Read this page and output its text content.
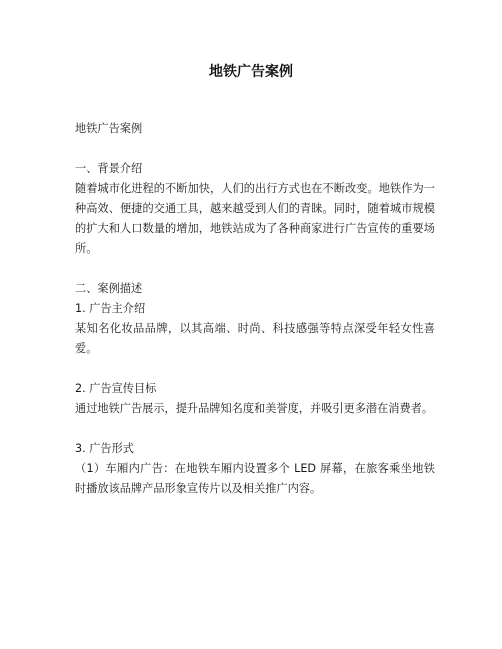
地铁广告案例
地铁广告案例
一、背景介绍
随着城市化进程的不断加快，人们的出行方式也在不断改变。地铁作为一种高效、便捷的交通工具，越来越受到人们的青睐。同时，随着城市规模的扩大和人口数量的增加，地铁站成为了各种商家进行广告宣传的重要场所。
二、案例描述
1. 广告主介绍
某知名化妆品品牌，以其高端、时尚、科技感强等特点深受年轻女性喜爱。
2. 广告宣传目标
通过地铁广告展示，提升品牌知名度和美誉度，并吸引更多潜在消费者。
3. 广告形式
（1）车厢内广告：在地铁车厢内设置多个 LED 屏幕，在旅客乘坐地铁时播放该品牌产品形象宣传片以及相关推广内容。
